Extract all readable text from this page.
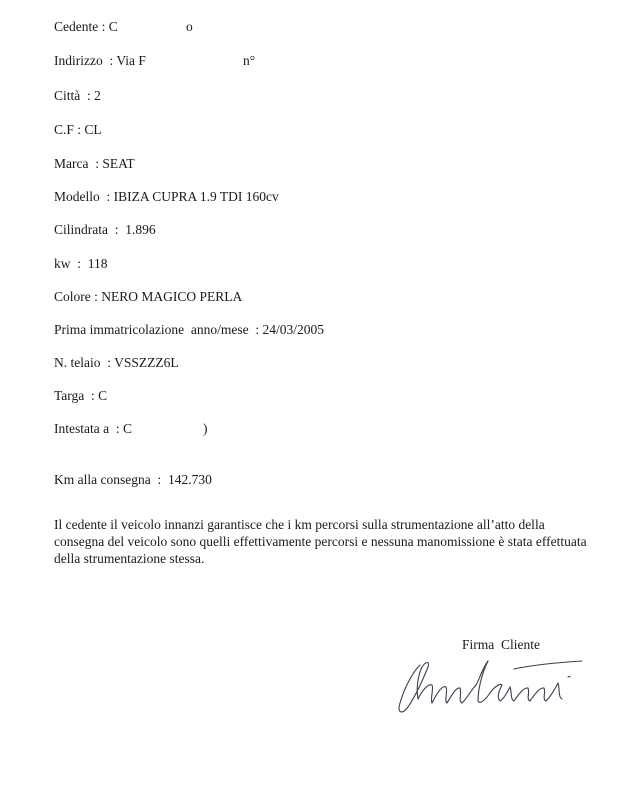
Cedente : C	o
Indirizzo  : Via F	n°
Città  : 2
C.F : CL
Marca  : SEAT
Modello  : IBIZA CUPRA 1.9 TDI 160cv
Cilindrata  :  1.896
kw  :  118
Colore : NERO MAGICO PERLA
Prima immatricolazione  anno/mese  : 24/03/2005
N. telaio  : VSSZZZ6L
Targa  : C
Intestata a  : C	)
Km alla consegna  :  142.730
Il cedente il veicolo innanzi garantisce che i km percorsi sulla strumentazione all’atto della
consegna del veicolo sono quelli effettivamente percorsi e nessuna manomissione è stata effettuata
della strumentazione stessa.
Firma  Cliente
